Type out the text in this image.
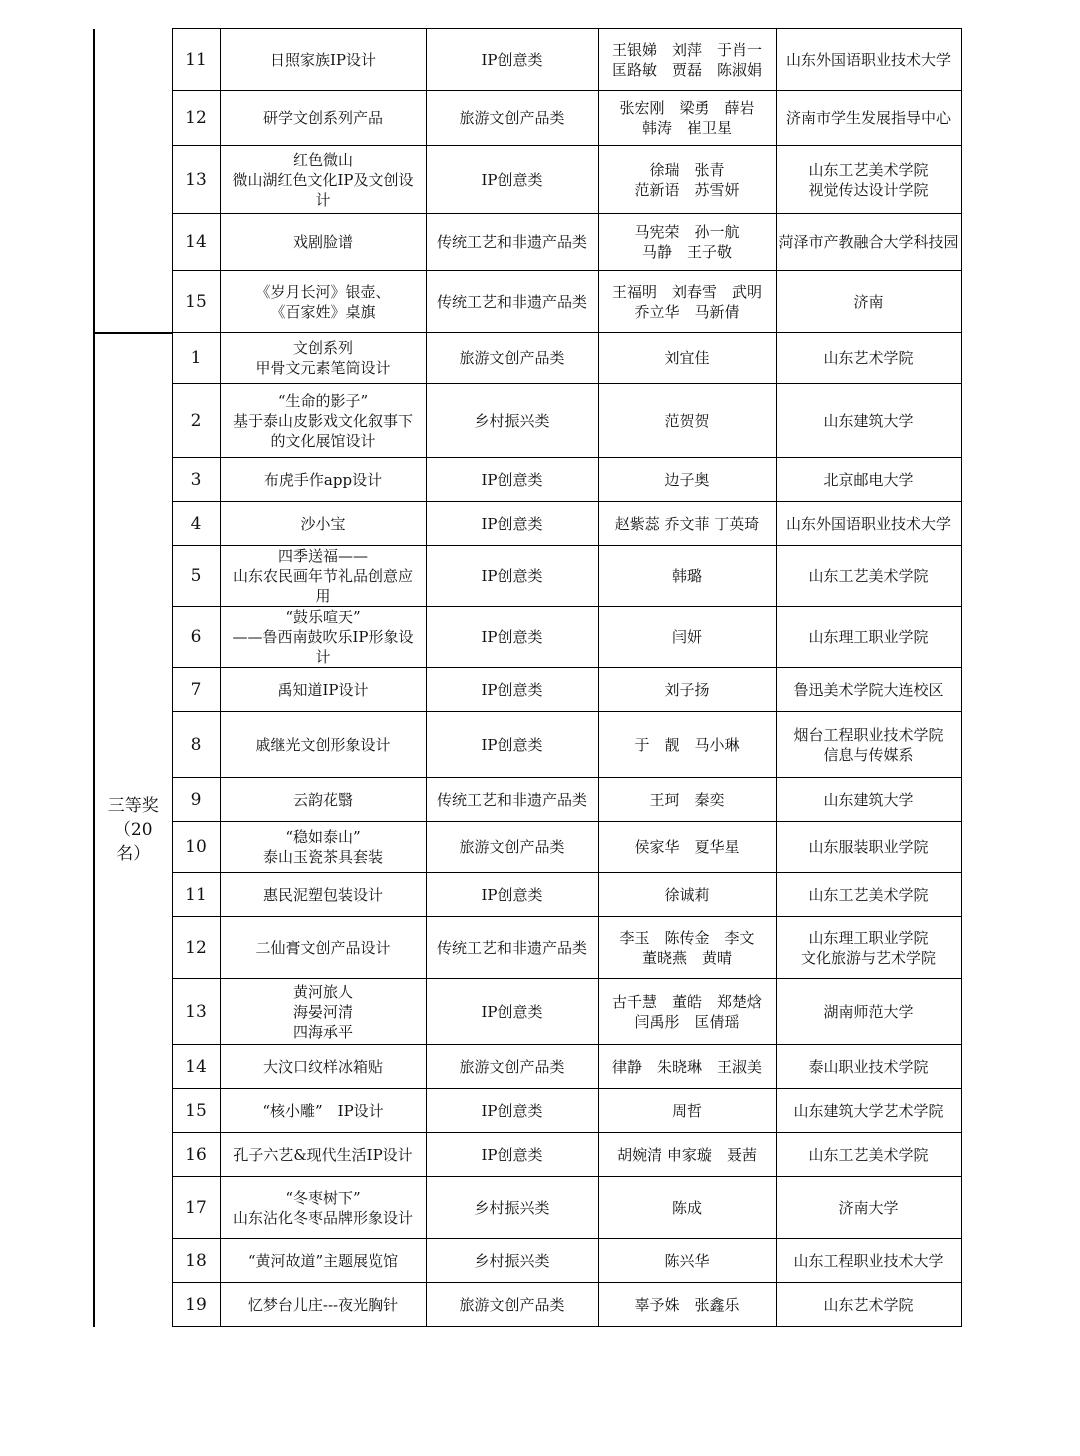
	11	日照家族IP设计	IP创意类	王银娣　刘萍　于肖一
匡路敏　贾磊　陈淑娟	山东外国语职业技术大学

	12	研学文创系列产品	旅游文创产品类	张宏刚　梁勇　薛岩
韩涛　崔卫星	济南市学生发展指导中心

	13	红色微山
微山湖红色文化IP及文创设
计	IP创意类	徐瑞　张青
范新语　苏雪妍	山东工艺美术学院
视觉传达设计学院

	14	戏剧脸谱	传统工艺和非遗产品类	马宪荣　孙一航
马静　王子敬	菏泽市产教融合大学科技园

	15	《岁月长河》银壶、
《百家姓》桌旗	传统工艺和非遗产品类	王福明　刘春雪　武明
乔立华　马新倩	济南

三等奖（20名）	1	文创系列
甲骨文元素笔筒设计	旅游文创产品类	刘宜佳	山东艺术学院

	2	“生命的影子”
基于泰山皮影戏文化叙事下
的文化展馆设计	乡村振兴类	范贺贺	山东建筑大学

	3	布虎手作app设计	IP创意类	边子奥	北京邮电大学

	4	沙小宝	IP创意类	赵紫蕊 乔文菲 丁英琦	山东外国语职业技术大学

	5	四季送福——
山东农民画年节礼品创意应
用	IP创意类	韩璐	山东工艺美术学院

	6	“鼓乐喧天”
——鲁西南鼓吹乐IP形象设
计	IP创意类	闫妍	山东理工职业学院

	7	禹知道IP设计	IP创意类	刘子扬	鲁迅美术学院大连校区

	8	戚继光文创形象设计	IP创意类	于　靓　马小琳	烟台工程职业技术学院
信息与传媒系

	9	云韵花翳	传统工艺和非遗产品类	王珂　秦奕	山东建筑大学

	10	“稳如泰山”
泰山玉瓷茶具套装	旅游文创产品类	侯家华　夏华星	山东服装职业学院

	11	惠民泥塑包装设计	IP创意类	徐诚莉	山东工艺美术学院

	12	二仙膏文创产品设计	传统工艺和非遗产品类	李玉　陈传金　李文
董晓燕　黄晴	山东理工职业学院
文化旅游与艺术学院

	13	黄河旅人
海晏河清
四海承平	IP创意类	古千慧　董皓　郑楚焓
闫禹彤　匡倩瑶	湖南师范大学

	14	大汶口纹样冰箱贴	旅游文创产品类	律静　朱晓琳　王淑美	泰山职业技术学院

	15	“核小雕”　IP设计	IP创意类	周哲	山东建筑大学艺术学院

	16	孔子六艺&现代生活IP设计	IP创意类	胡婉清 申家璇　聂茜	山东工艺美术学院

	17	“冬枣树下”
山东沾化冬枣品牌形象设计	乡村振兴类	陈成	济南大学

	18	“黄河故道”主题展览馆	乡村振兴类	陈兴华	山东工程职业技术大学

	19	忆梦台儿庄---夜光胸针	旅游文创产品类	辜予姝　张鑫乐	山东艺术学院
